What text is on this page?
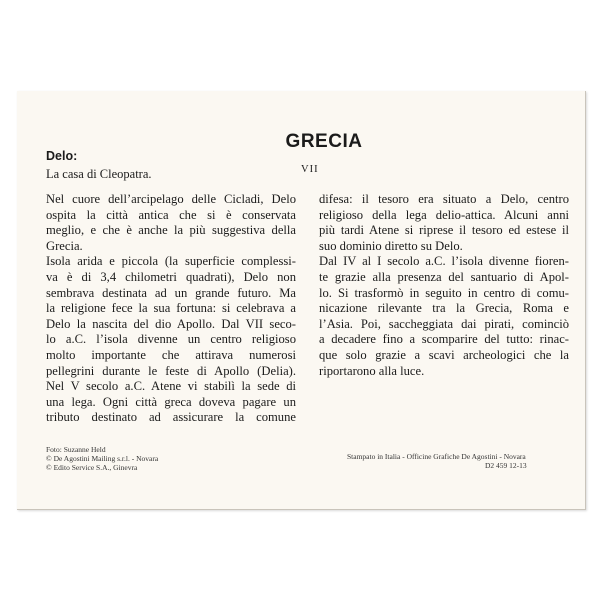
GRECIA
VII
Delo:
La casa di Cleopatra.
Nel cuore dell’arcipelago delle Cicladi, Delo
ospita la città antica che si è conservata
meglio, e che è anche la più suggestiva della
Grecia.
Isola arida e piccola (la superficie complessi-
va è di 3,4 chilometri quadrati), Delo non
sembrava destinata ad un grande futuro. Ma
la religione fece la sua fortuna: si celebrava a
Delo la nascita del dio Apollo. Dal VII seco-
lo a.C. l’isola divenne un centro religioso
molto importante che attirava numerosi
pellegrini durante le feste di Apollo (Delia).
Nel V secolo a.C. Atene vi stabilì la sede di
una lega. Ogni città greca doveva pagare un
tributo destinato ad assicurare la comune
difesa: il tesoro era situato a Delo, centro
religioso della lega delio-attica. Alcuni anni
più tardi Atene si riprese il tesoro ed estese il
suo dominio diretto su Delo.
Dal IV al I secolo a.C. l’isola divenne fioren-
te grazie alla presenza del santuario di Apol-
lo. Si trasformò in seguito in centro di comu-
nicazione rilevante tra la Grecia, Roma e
l’Asia. Poi, saccheggiata dai pirati, cominciò
a decadere fino a scomparire del tutto: rinac-
que solo grazie a scavi archeologici che la
riportarono alla luce.
Foto: Suzanne Held
© De Agostini Mailing s.r.l. - Novara
© Edito Service S.A., Ginevra
Stampato in Italia - Officine Grafiche De Agostini - Novara
D2 459 12-13
